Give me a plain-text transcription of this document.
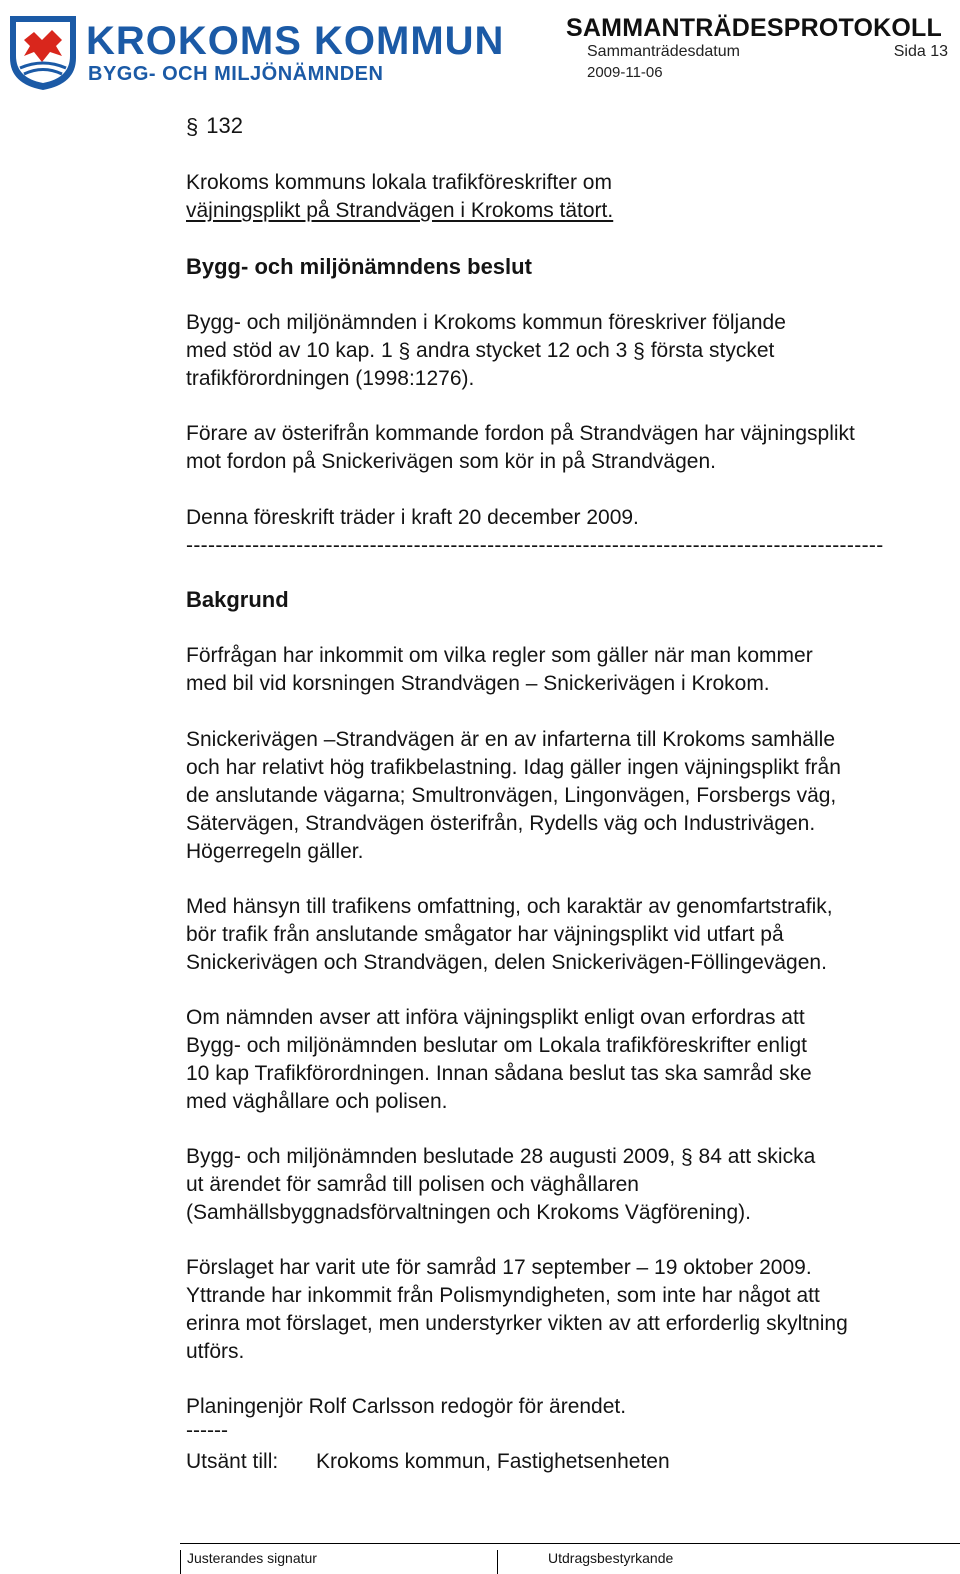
KROKOMS KOMMUN
BYGG- OCH MILJÖNÄMNDEN
SAMMANTRÄDESPROTOKOLL
Sammanträdesdatum	Sida 13
2009-11-06
§ 132
Krokoms kommuns lokala trafikföreskrifter om
väjningsplikt på Strandvägen i Krokoms tätort.
Bygg- och miljönämndens beslut
Bygg- och miljönämnden i Krokoms kommun föreskriver följande
med stöd av 10 kap. 1 § andra stycket 12 och 3 § första stycket
trafikförordningen (1998:1276).
Förare av österifrån kommande fordon på Strandvägen har väjningsplikt
mot fordon på Snickerivägen som kör in på Strandvägen.
Denna föreskrift träder i kraft 20 december 2009.
-----------------------------------------------------------------------------------------------
Bakgrund
Förfrågan har inkommit om vilka regler som gäller när man kommer
med bil vid korsningen Strandvägen – Snickerivägen i Krokom.
Snickerivägen –Strandvägen är en av infarterna till Krokoms samhälle
och har relativt hög trafikbelastning. Idag gäller ingen väjningsplikt från
de anslutande vägarna; Smultronvägen, Lingonvägen, Forsbergs väg,
Sätervägen, Strandvägen österifrån, Rydells väg och Industrivägen.
Högerregeln gäller.
Med hänsyn till trafikens omfattning, och karaktär av genomfartstrafik,
bör trafik från anslutande smågator har väjningsplikt vid utfart på
Snickerivägen och Strandvägen, delen Snickerivägen-Föllingevägen.
Om nämnden avser att införa väjningsplikt enligt ovan erfordras att
Bygg- och miljönämnden beslutar om Lokala trafikföreskrifter enligt
10 kap Trafikförordningen. Innan sådana beslut tas ska samråd ske
med väghållare och polisen.
Bygg- och miljönämnden beslutade 28 augusti 2009, § 84 att skicka
ut ärendet för samråd till polisen och väghållaren
(Samhällsbyggnadsförvaltningen och Krokoms Vägförening).
Förslaget har varit ute för samråd 17 september – 19 oktober 2009.
Yttrande har inkommit från Polismyndigheten, som inte har något att
erinra mot förslaget, men understyrker vikten av att erforderlig skyltning
utförs.
Planingenjör Rolf Carlsson redogör för ärendet.
------
Utsänt till:	Krokoms kommun, Fastighetsenheten
Justerandes signatur	Utdragsbestyrkande
